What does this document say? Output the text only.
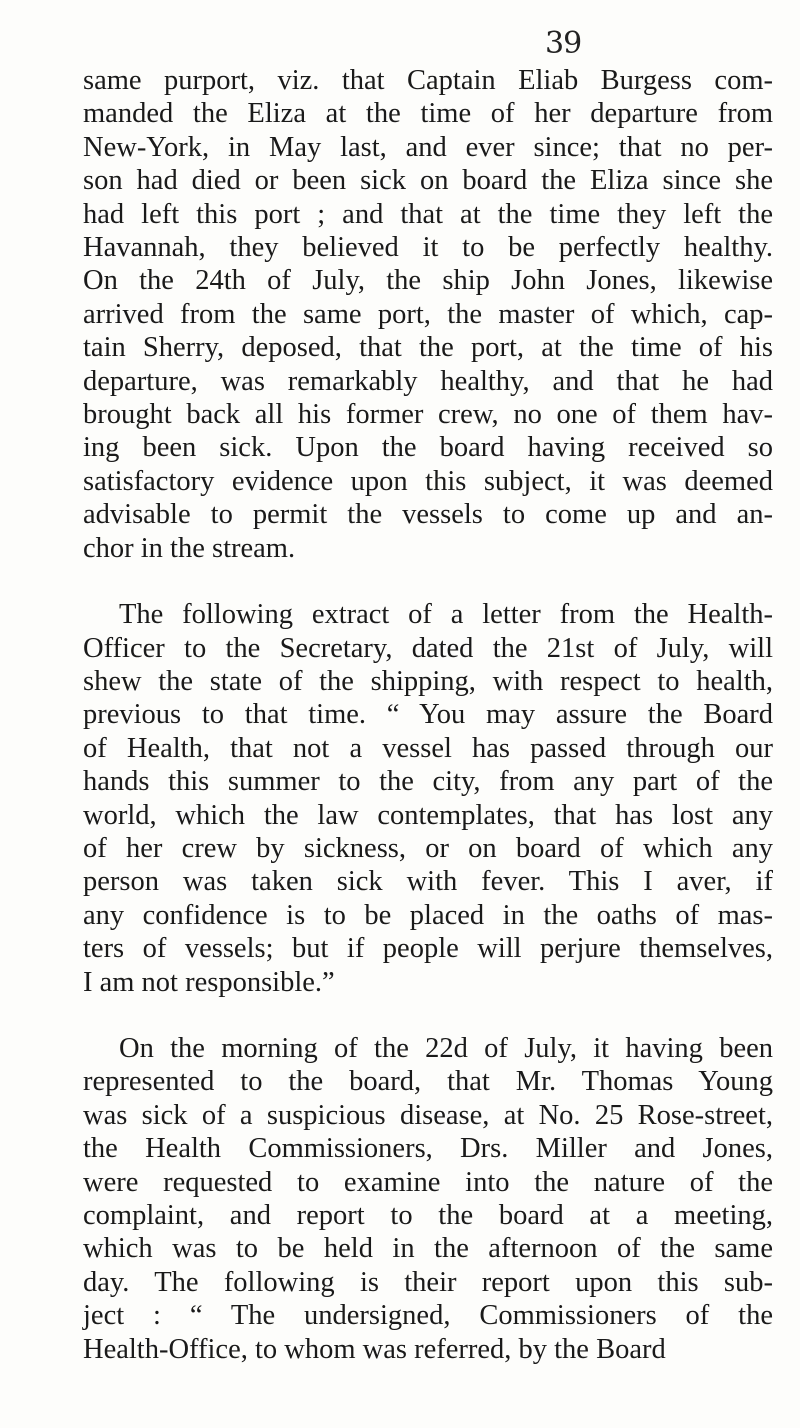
39

same purport, viz. that Captain Eliab Burgess com-
manded the Eliza at the time of her departure from
New-York, in May last, and ever since; that no per-
son had died or been sick on board the Eliza since she
had left this port ; and that at the time they left the
Havannah, they believed it to be perfectly healthy.
On the 24th of July, the ship John Jones, likewise
arrived from the same port, the master of which, cap-
tain Sherry, deposed, that the port, at the time of his
departure, was remarkably healthy, and that he had
brought back all his former crew, no one of them hav-
ing been sick. Upon the board having received so
satisfactory evidence upon this subject, it was deemed
advisable to permit the vessels to come up and an-
chor in the stream.

The following extract of a letter from the Health-
Officer to the Secretary, dated the 21st of July, will
shew the state of the shipping, with respect to health,
previous to that time. “ You may assure the Board
of Health, that not a vessel has passed through our
hands this summer to the city, from any part of the
world, which the law contemplates, that has lost any
of her crew by sickness, or on board of which any
person was taken sick with fever. This I aver, if
any confidence is to be placed in the oaths of mas-
ters of vessels; but if people will perjure themselves,
I am not responsible.”

On the morning of the 22d of July, it having been
represented to the board, that Mr. Thomas Young
was sick of a suspicious disease, at No. 25 Rose-street,
the Health Commissioners, Drs. Miller and Jones,
were requested to examine into the nature of the
complaint, and report to the board at a meeting,
which was to be held in the afternoon of the same
day. The following is their report upon this sub-
ject : “ The undersigned, Commissioners of the
Health-Office, to whom was referred, by the Board
